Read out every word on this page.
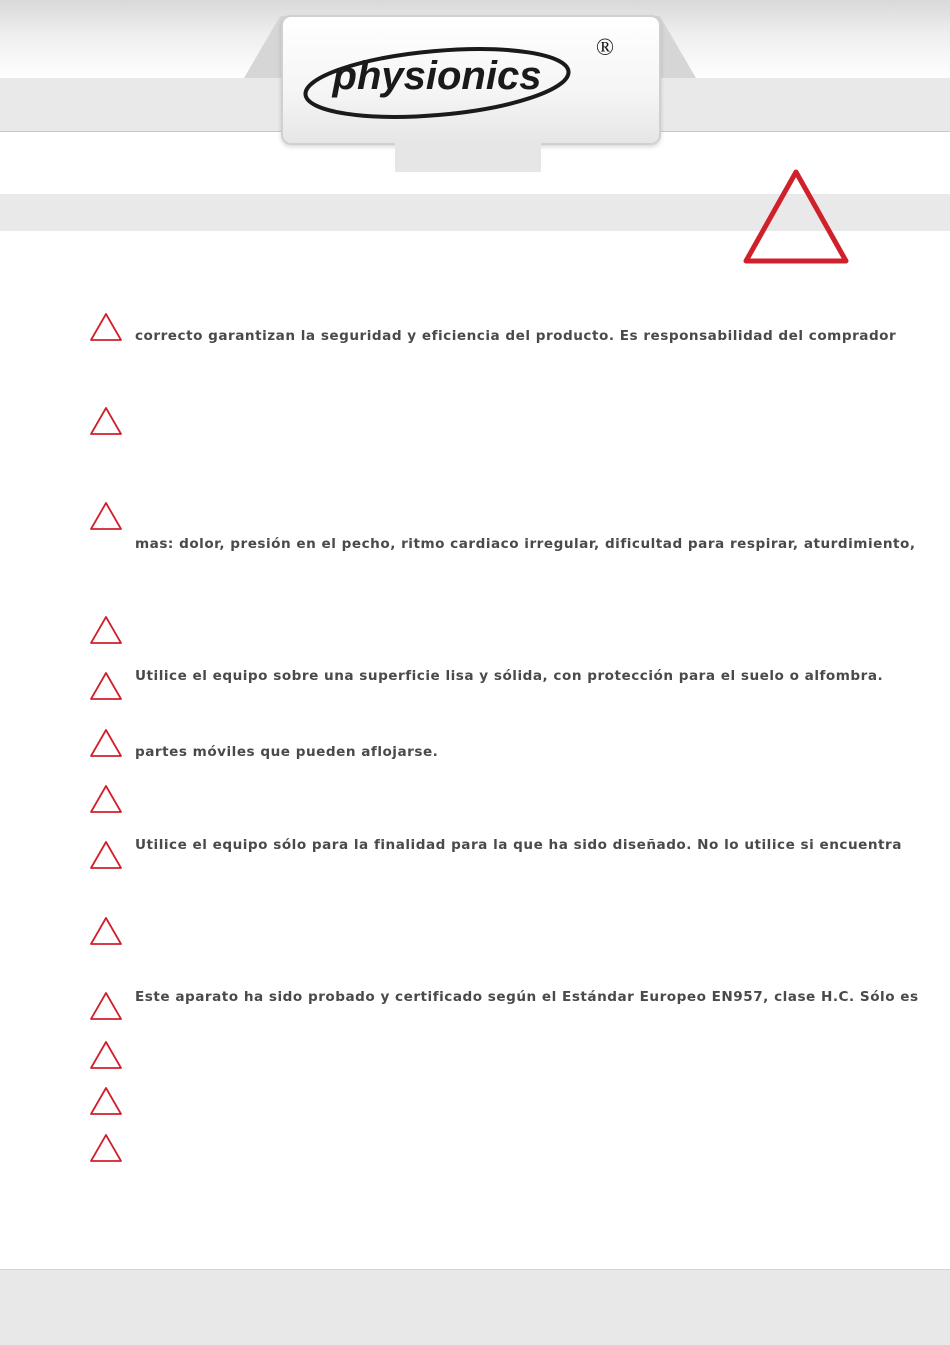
physionics
®
correcto garantizan la seguridad y eficiencia del producto. Es responsabilidad del comprador
mas: dolor, presión en el pecho, ritmo cardiaco irregular, dificultad para respirar, aturdimiento,
Utilice el equipo sobre una superficie lisa y sólida, con protección para el suelo o alfombra.
partes móviles que pueden aflojarse.
Utilice el equipo sólo para la finalidad para la que ha sido diseñado. No lo utilice si encuentra
Este aparato ha sido probado y certificado según el Estándar Europeo EN957, clase H.C. Sólo es
